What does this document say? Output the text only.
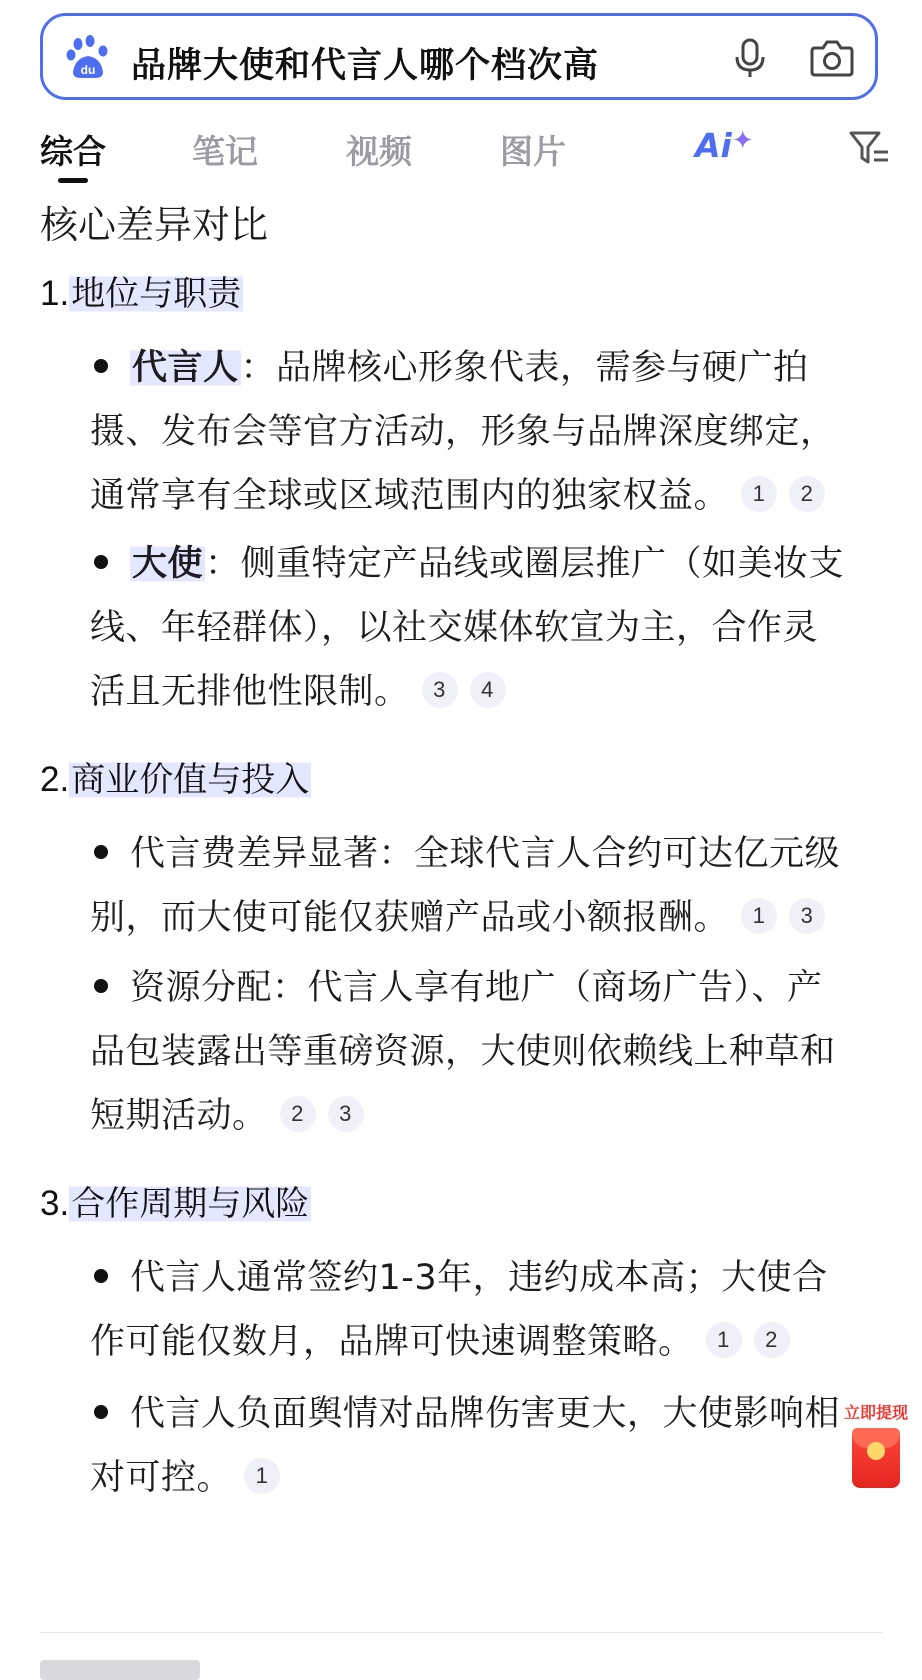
du 品牌大使和代言人哪个档次高
综合	笔记	视频	图片	Ai✦
核心差异对比
1.地位与职责
代言人：品牌核心形象代表，需参与硬广拍
摄、发布会等官方活动，形象与品牌深度绑定，
通常享有全球或区域范围内的独家权益。 1 2
大使：侧重特定产品线或圈层推广（如美妆支
线、年轻群体），以社交媒体软宣为主，合作灵
活且无排他性限制。 3 4
2.商业价值与投入
代言费差异显著：全球代言人合约可达亿元级
别，而大使可能仅获赠产品或小额报酬。 1 3
资源分配：代言人享有地广（商场广告）、产
品包装露出等重磅资源，大使则依赖线上种草和
短期活动。 2 3
3.合作周期与风险
代言人通常签约1-3年，违约成本高；大使合
作可能仅数月，品牌可快速调整策略。 1 2
代言人负面舆情对品牌伤害更大，大使影响相
对可控。 1
立即提现
